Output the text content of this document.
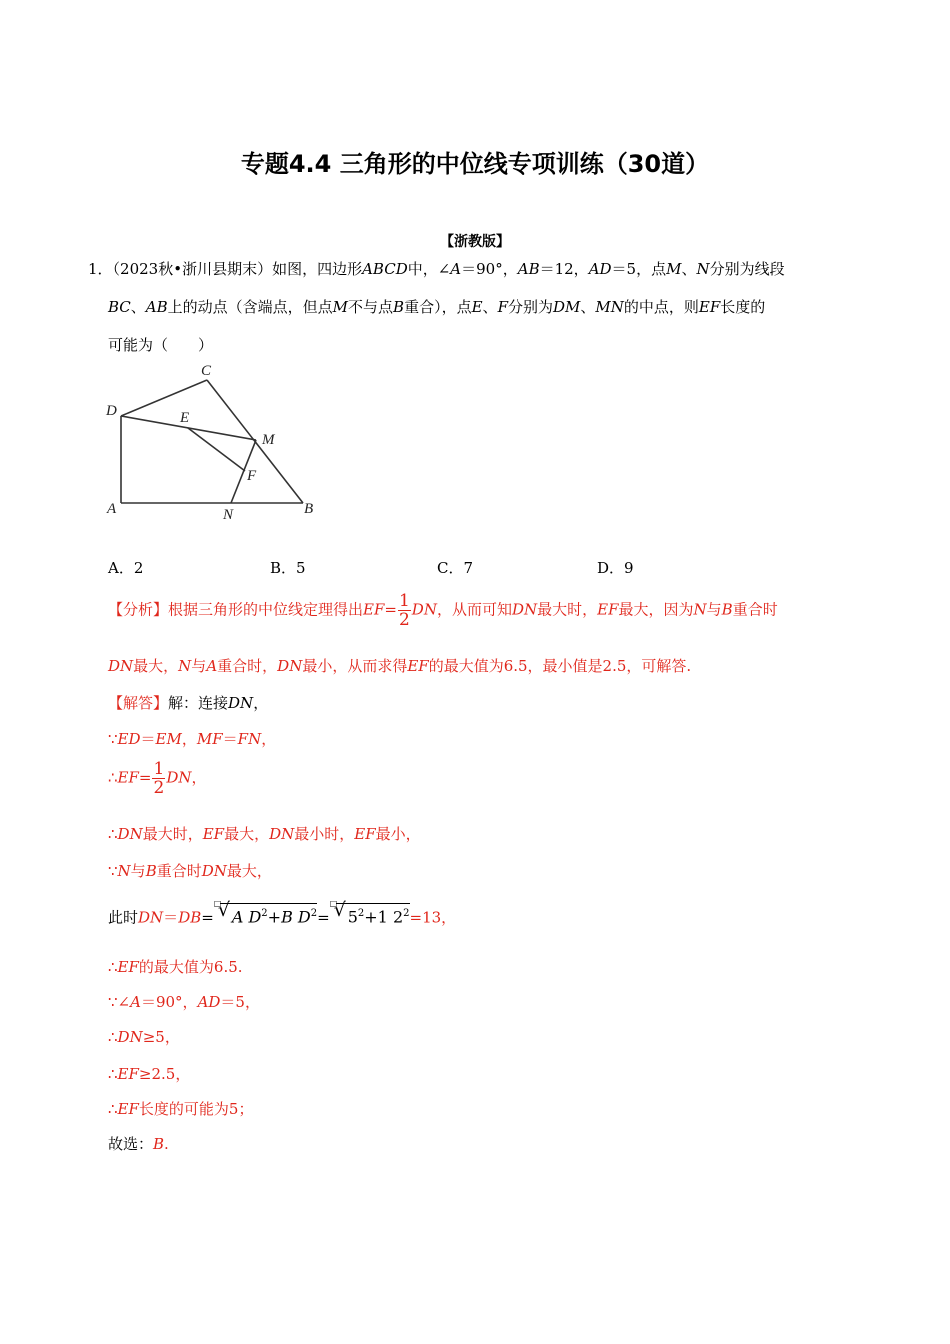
专题4.4 三角形的中位线专项训练（30道）
【浙教版】
1．（2023秋•浙川县期末）如图，四边形ABCD中，∠A＝90°，AB＝12，AD＝5，点M、N分别为线段
BC、AB上的动点（含端点，但点M不与点B重合），点E、F分别为DM、MN的中点，则EF长度的
可能为（　　）
C
D	E
M
F
A	N	B
A．2	B．5	C．7	D．9
【分析】根据三角形的中位线定理得出$EF= \frac{1}{2}$ DN，从而可知DN最大时，EF最大，因为N与B重合时
DN最大，N与A重合时，DN最小，从而求得EF的最大值为6.5，最小值是2.5，可解答.
【解答】解：连接DN，
∵ED＝EM，MF＝FN，
∴EF= $\frac{1}{2}$ DN，
∴DN最大时，EF最大，DN最小时，EF最小，
∵N与B重合时DN最大，
此时DN＝DB=
√ □
A $D^2+B$ $D^2=$
√ □
$5^2+1$ $2^2=13$，
∴EF的最大值为6.5.
∵∠A＝90°，AD＝5，
∴DN≥5，
∴EF≥2.5，
∴EF长度的可能为5；
故选：B.
